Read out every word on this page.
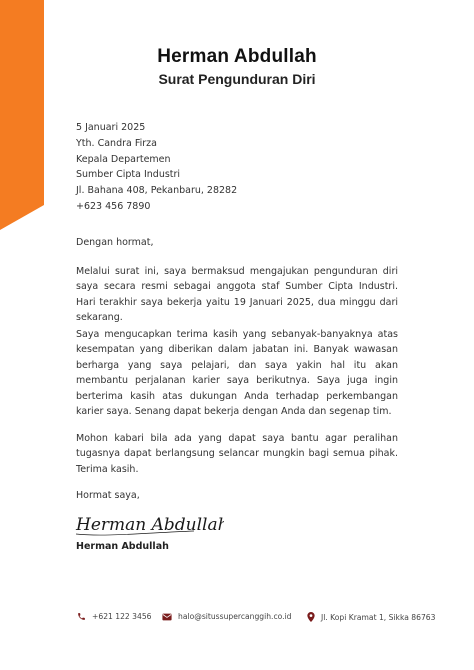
Herman Abdullah
Surat Pengunduran Diri
5 Januari 2025
Yth. Candra Firza
Kepala Departemen
Sumber Cipta Industri
Jl. Bahana 408, Pekanbaru, 28282
+623 456 7890
Dengan hormat,

Melalui surat ini, saya bermaksud mengajukan pengunduran diri saya secara resmi sebagai anggota staf Sumber Cipta Industri. Hari terakhir saya bekerja yaitu 19 Januari 2025, dua minggu dari sekarang.

Saya mengucapkan terima kasih yang sebanyak-banyaknya atas kesempatan yang diberikan dalam jabatan ini. Banyak wawasan berharga yang saya pelajari, dan saya yakin hal itu akan membantu perjalanan karier saya berikutnya. Saya juga ingin berterima kasih atas dukungan Anda terhadap perkembangan karier saya. Senang dapat bekerja dengan Anda dan segenap tim.

Mohon kabari bila ada yang dapat saya bantu agar peralihan tugasnya dapat berlangsung selancar mungkin bagi semua pihak. Terima kasih.

Hormat saya,
Herman Abdullah
Herman Abdullah
+621 122 3456	halo@situssupercanggih.co.id	Jl. Kopi Kramat 1, Sikka 86763
